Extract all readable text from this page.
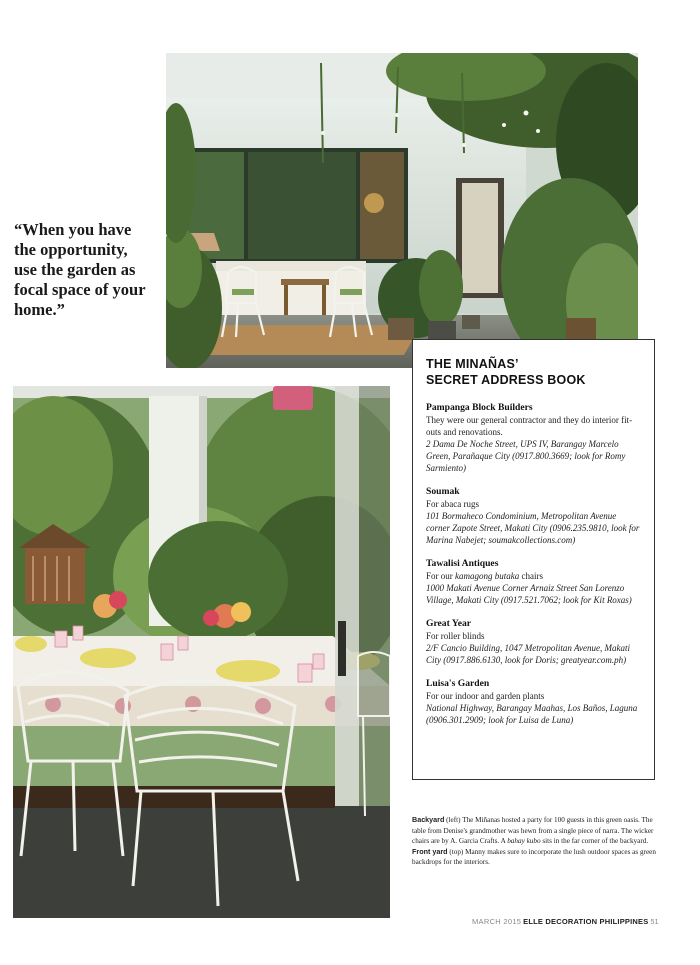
“When you have the opportunity, use the garden as focal space of your home.”
THE MINAÑAS’
SECRET ADDRESS BOOK
Pampanga Block Builders
They were our general contractor and they do interior fit-outs and renovations.
2 Dama De Noche Street, UPS IV, Barangay Marcelo Green, Parañaque City (0917.800.3669; look for Romy Sarmiento)
Soumak
For abaca rugs
101 Bormaheco Condominium, Metropolitan Avenue corner Zapote Street, Makati City (0906.235.9810, look for Marina Nabejet; soumakcollections.com)
Tawalisi Antiques
For our kamagong butaka chairs
1000 Makati Avenue Corner Arnaiz Street San Lorenzo Village, Makati City (0917.521.7062; look for Kit Roxas)
Great Year
For roller blinds
2/F Cancio Building, 1047 Metropolitan Avenue, Makati City (0917.886.6130, look for Doris; greatyear.com.ph)
Luisa's Garden
For our indoor and garden plants
National Highway, Barangay Maahas, Los Baños, Laguna (0906.301.2909; look for Luisa de Luna)
Backyard (left) The Miñanas hosted a party for 100 guests in this green oasis. The table from Denise's grandmother was hewn from a single piece of narra. The wicker chairs are by A. Garcia Crafts. A bahay kubo sits in the far corner of the backyard.
Front yard (top) Manny makes sure to incorporate the lush outdoor spaces as green backdrops for the interiors.
MARCH 2015 ELLE DECORATION PHILIPPINES 51
